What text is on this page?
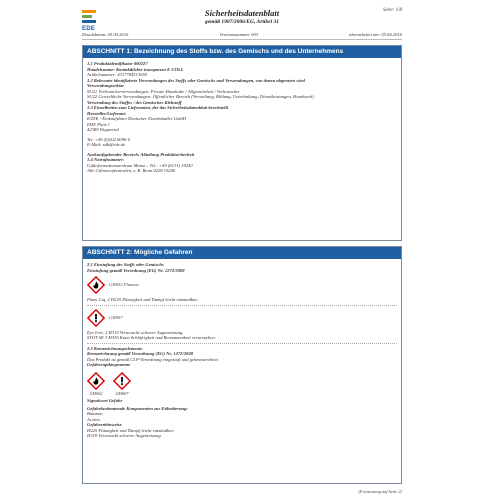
EDE
Sicherheitsdatenblatt
gemäß 1907/2006/EG, Artikel 31
Seite: 1/8
Druckdatum: 05.04.2016	Versionsnummer 003	überarbeitet am: 05.04.2016
ABSCHNITT 1: Bezeichnung des Stoffs bzw. des Gemischs und des Unternehmens
1.1 Produktidentifikator 000227
Handelsname: Kontaktkleber transparent E-COLL
Artikelnummer: 4317784513650
1.2 Relevante identifizierte Verwendungen des Stoffs oder Gemischs und Verwendungen, von denen abgeraten wird
Verwendungssektor
SU21 Verbraucherverwendungen: Private Haushalte / Allgemeinheit / Verbraucher
SU22 Gewerbliche Verwendungen: Öffentlicher Bereich (Verwaltung, Bildung, Unterhaltung, Dienstleistungen, Handwerk)
Verwendung des Stoffes / des Gemisches Klebstoff
1.3 Einzelheiten zum Lieferanten, der das Sicherheitsdatenblatt bereitstellt
Hersteller/Lieferant:
E/D/E - Einkaufsbüro Deutscher Eisenhändler GmbH
EDE Platz 1
42389 Wuppertal
Tel. +49 (0)202 6096-0
E-Mail: sdb@ede.de
Auskunftgebender Bereich: Abteilung Produktsicherheit
1.4 Notrufnummer:
Giftinformationszentrum Mainz – Tel.: +49 (6131) 19240
Alle Giftnotrufzentralen, z. B. Bonn 0228 19240
ABSCHNITT 2: Mögliche Gefahren
2.1 Einstufung des Stoffs oder Gemischs
Einstufung gemäß Verordnung (EG) Nr. 1272/2008
GHS02 Flamme
Flam. Liq. 2 H225 Flüssigkeit und Dampf leicht entzündbar.
GHS07
Eye Irrit. 2 H319 Verursacht schwere Augenreizung.
STOT SE 3 H336 Kann Schläfrigkeit und Benommenheit verursachen.
2.2 Kennzeichnungselemente
Kennzeichnung gemäß Verordnung (EG) Nr. 1272/2008
Das Produkt ist gemäß CLP-Verordnung eingestuft und gekennzeichnet.
Gefahrenpiktogramme
GHS02	GHS07
Signalwort Gefahr
Gefahrbestimmende Komponenten zur Etikettierung:
Butanon
Aceton
Gefahrenhinweise
H225 Flüssigkeit und Dampf leicht entzündbar.
H319 Verursacht schwere Augenreizung.
(Fortsetzung auf Seite 2)
